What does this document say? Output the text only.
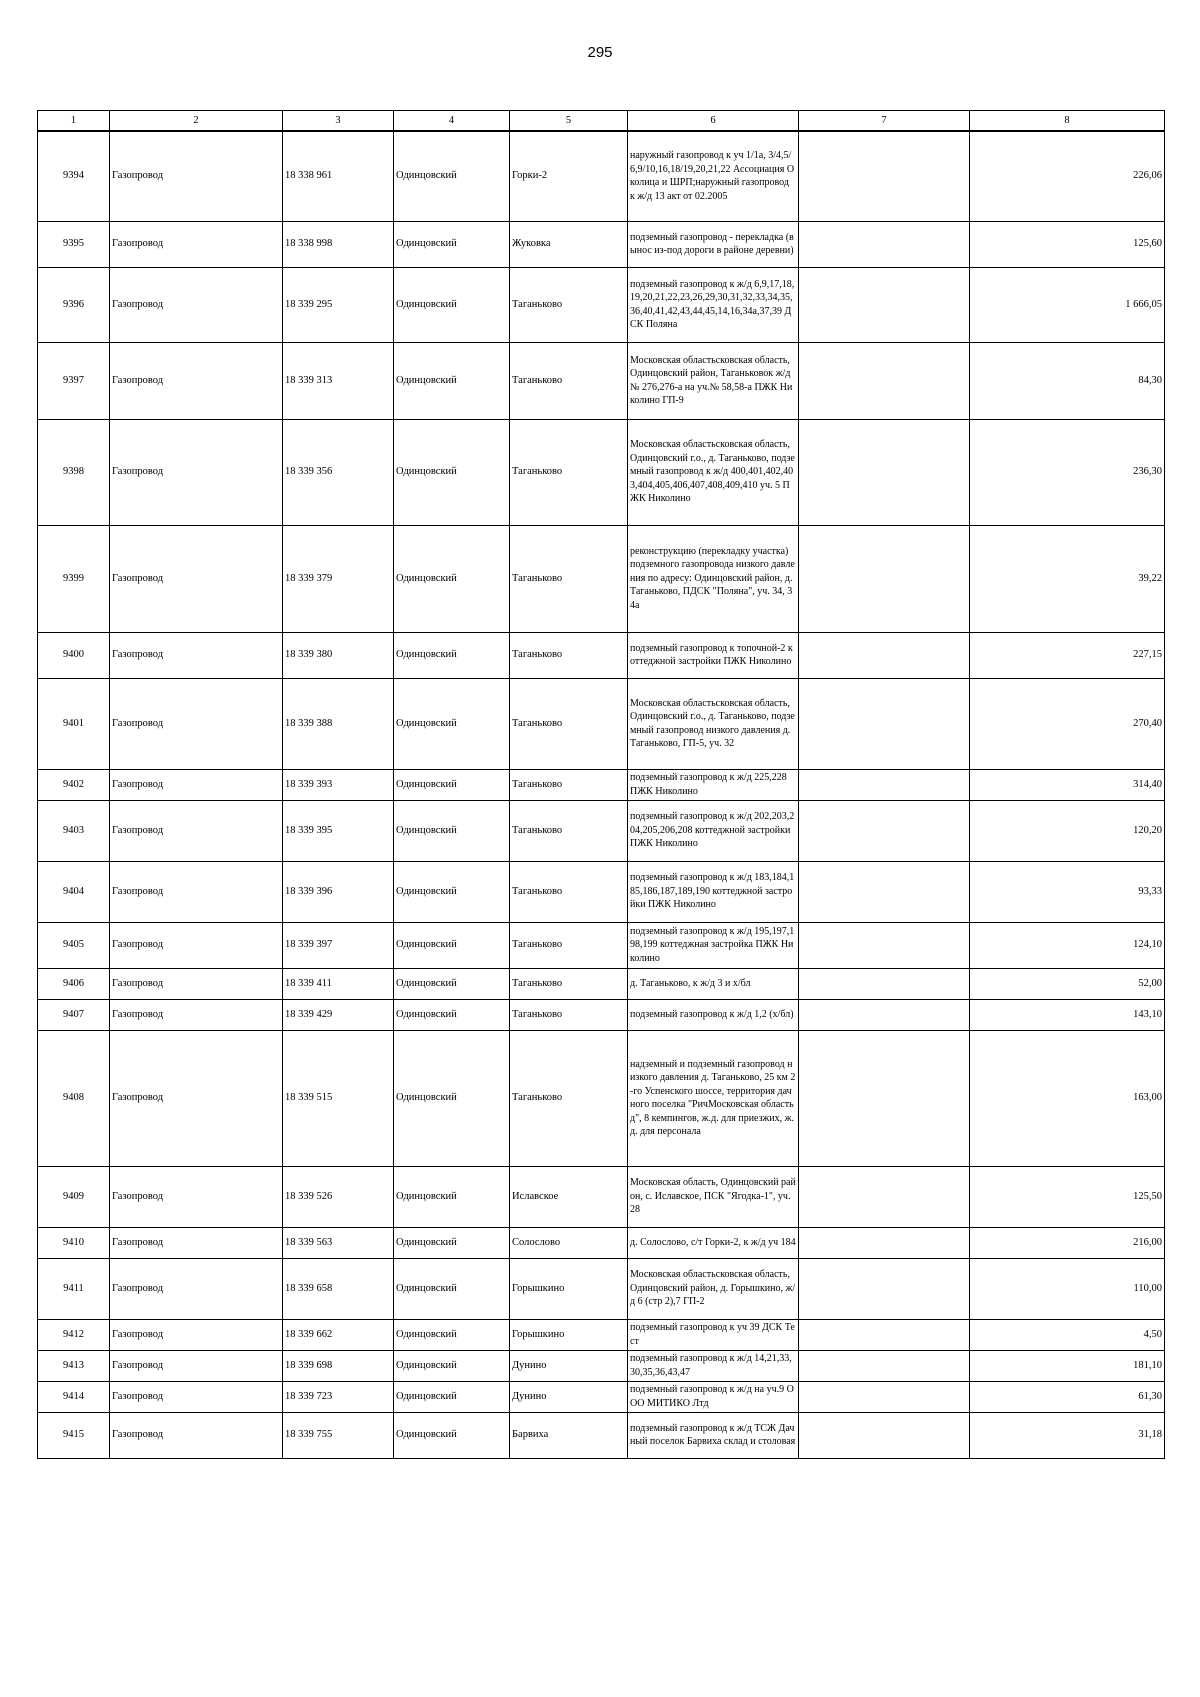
295
1	2	3	4	5	6	7	8
9394	Газопровод	18 338 961	Одинцовский	Горки-2	наружный газопровод к уч 1/1а, 3/4,5/6,9/10,16,18/19,20,21,22 Ассоциация Околица и ШРП;наружный газопровод к ж/д 13 акт от 02.2005		226,06
9395	Газопровод	18 338 998	Одинцовский	Жуковка	подземный газопровод - перекладка (вынос из-под дороги в районе деревни)		125,60
9396	Газопровод	18 339 295	Одинцовский	Таганьково	подземный газопровод к ж/д 6,9,17,18,19,20,21,22,23,26,29,30,31,32,33,34,35,36,40,41,42,43,44,45,14,16,34а,37,39 ДСК Поляна		1 666,05
9397	Газопровод	18 339 313	Одинцовский	Таганьково	Московская областьсковская область, Одинцовский район, Таганьковок ж/д № 276,276-а на уч.№ 58,58-а ПЖК Николино ГП-9		84,30
9398	Газопровод	18 339 356	Одинцовский	Таганьково	Московская областьсковская область, Одинцовский г.о., д. Таганьково, подземный газопровод к ж/д 400,401,402,403,404,405,406,407,408,409,410 уч. 5 ПЖК Николино		236,30
9399	Газопровод	18 339 379	Одинцовский	Таганьково	реконструкцию (перекладку участка) подземного газопровода низкого давления по адресу: Одинцовский район, д. Таганьково, ПДСК "Поляна", уч. 34, 34а		39,22
9400	Газопровод	18 339 380	Одинцовский	Таганьково	подземный газопровод к топочной-2 коттеджной застройки ПЖК Николино		227,15
9401	Газопровод	18 339 388	Одинцовский	Таганьково	Московская областьсковская область, Одинцовский г.о., д. Таганьково, подземный газопровод низкого давления д. Таганьково, ГП-5, уч. 32		270,40
9402	Газопровод	18 339 393	Одинцовский	Таганьково	подземный газопровод к ж/д 225,228 ПЖК Николино		314,40
9403	Газопровод	18 339 395	Одинцовский	Таганьково	подземный газопровод к ж/д 202,203,204,205,206,208 коттеджной застройки ПЖК Николино		120,20
9404	Газопровод	18 339 396	Одинцовский	Таганьково	подземный газопровод к ж/д 183,184,185,186,187,189,190 коттеджной застройки ПЖК Николино		93,33
9405	Газопровод	18 339 397	Одинцовский	Таганьково	подземный газопровод к ж/д 195,197,198,199 коттеджная застройка ПЖК Николино		124,10
9406	Газопровод	18 339 411	Одинцовский	Таганьково	д. Таганьково, к ж/д 3 и х/бл		52,00
9407	Газопровод	18 339 429	Одинцовский	Таганьково	подземный газопровод к ж/д 1,2 (х/бл)		143,10
9408	Газопровод	18 339 515	Одинцовский	Таганьково	надземный и подземный газопровод низкого давления д. Таганьково, 25 км 2-го Успенского шоссе, территория дачного поселка "РичМосковская областьд", 8 кемпингов, ж.д. для приезжих, ж.д. для персонала		163,00
9409	Газопровод	18 339 526	Одинцовский	Иславское	Московская область, Одинцовский район, с. Иславское, ПСК "Ягодка-1", уч. 28		125,50
9410	Газопровод	18 339 563	Одинцовский	Солослово	д. Солослово, с/т Горки-2, к ж/д уч 184		216,00
9411	Газопровод	18 339 658	Одинцовский	Горышкино	Московская областьсковская область, Одинцовский район, д. Горышкино, ж/д 6 (стр 2),7 ГП-2		110,00
9412	Газопровод	18 339 662	Одинцовский	Горышкино	подземный газопровод к уч 39 ДСК Тест		4,50
9413	Газопровод	18 339 698	Одинцовский	Дунино	подземный газопровод к ж/д 14,21,33,30,35,36,43,47		181,10
9414	Газопровод	18 339 723	Одинцовский	Дунино	подземный газопровод к ж/д на уч.9 ООО МИТИКО Лтд		61,30
9415	Газопровод	18 339 755	Одинцовский	Барвиха	подземный газопровод к ж/д ТСЖ Дачный поселок Барвиха склад и столовая		31,18
